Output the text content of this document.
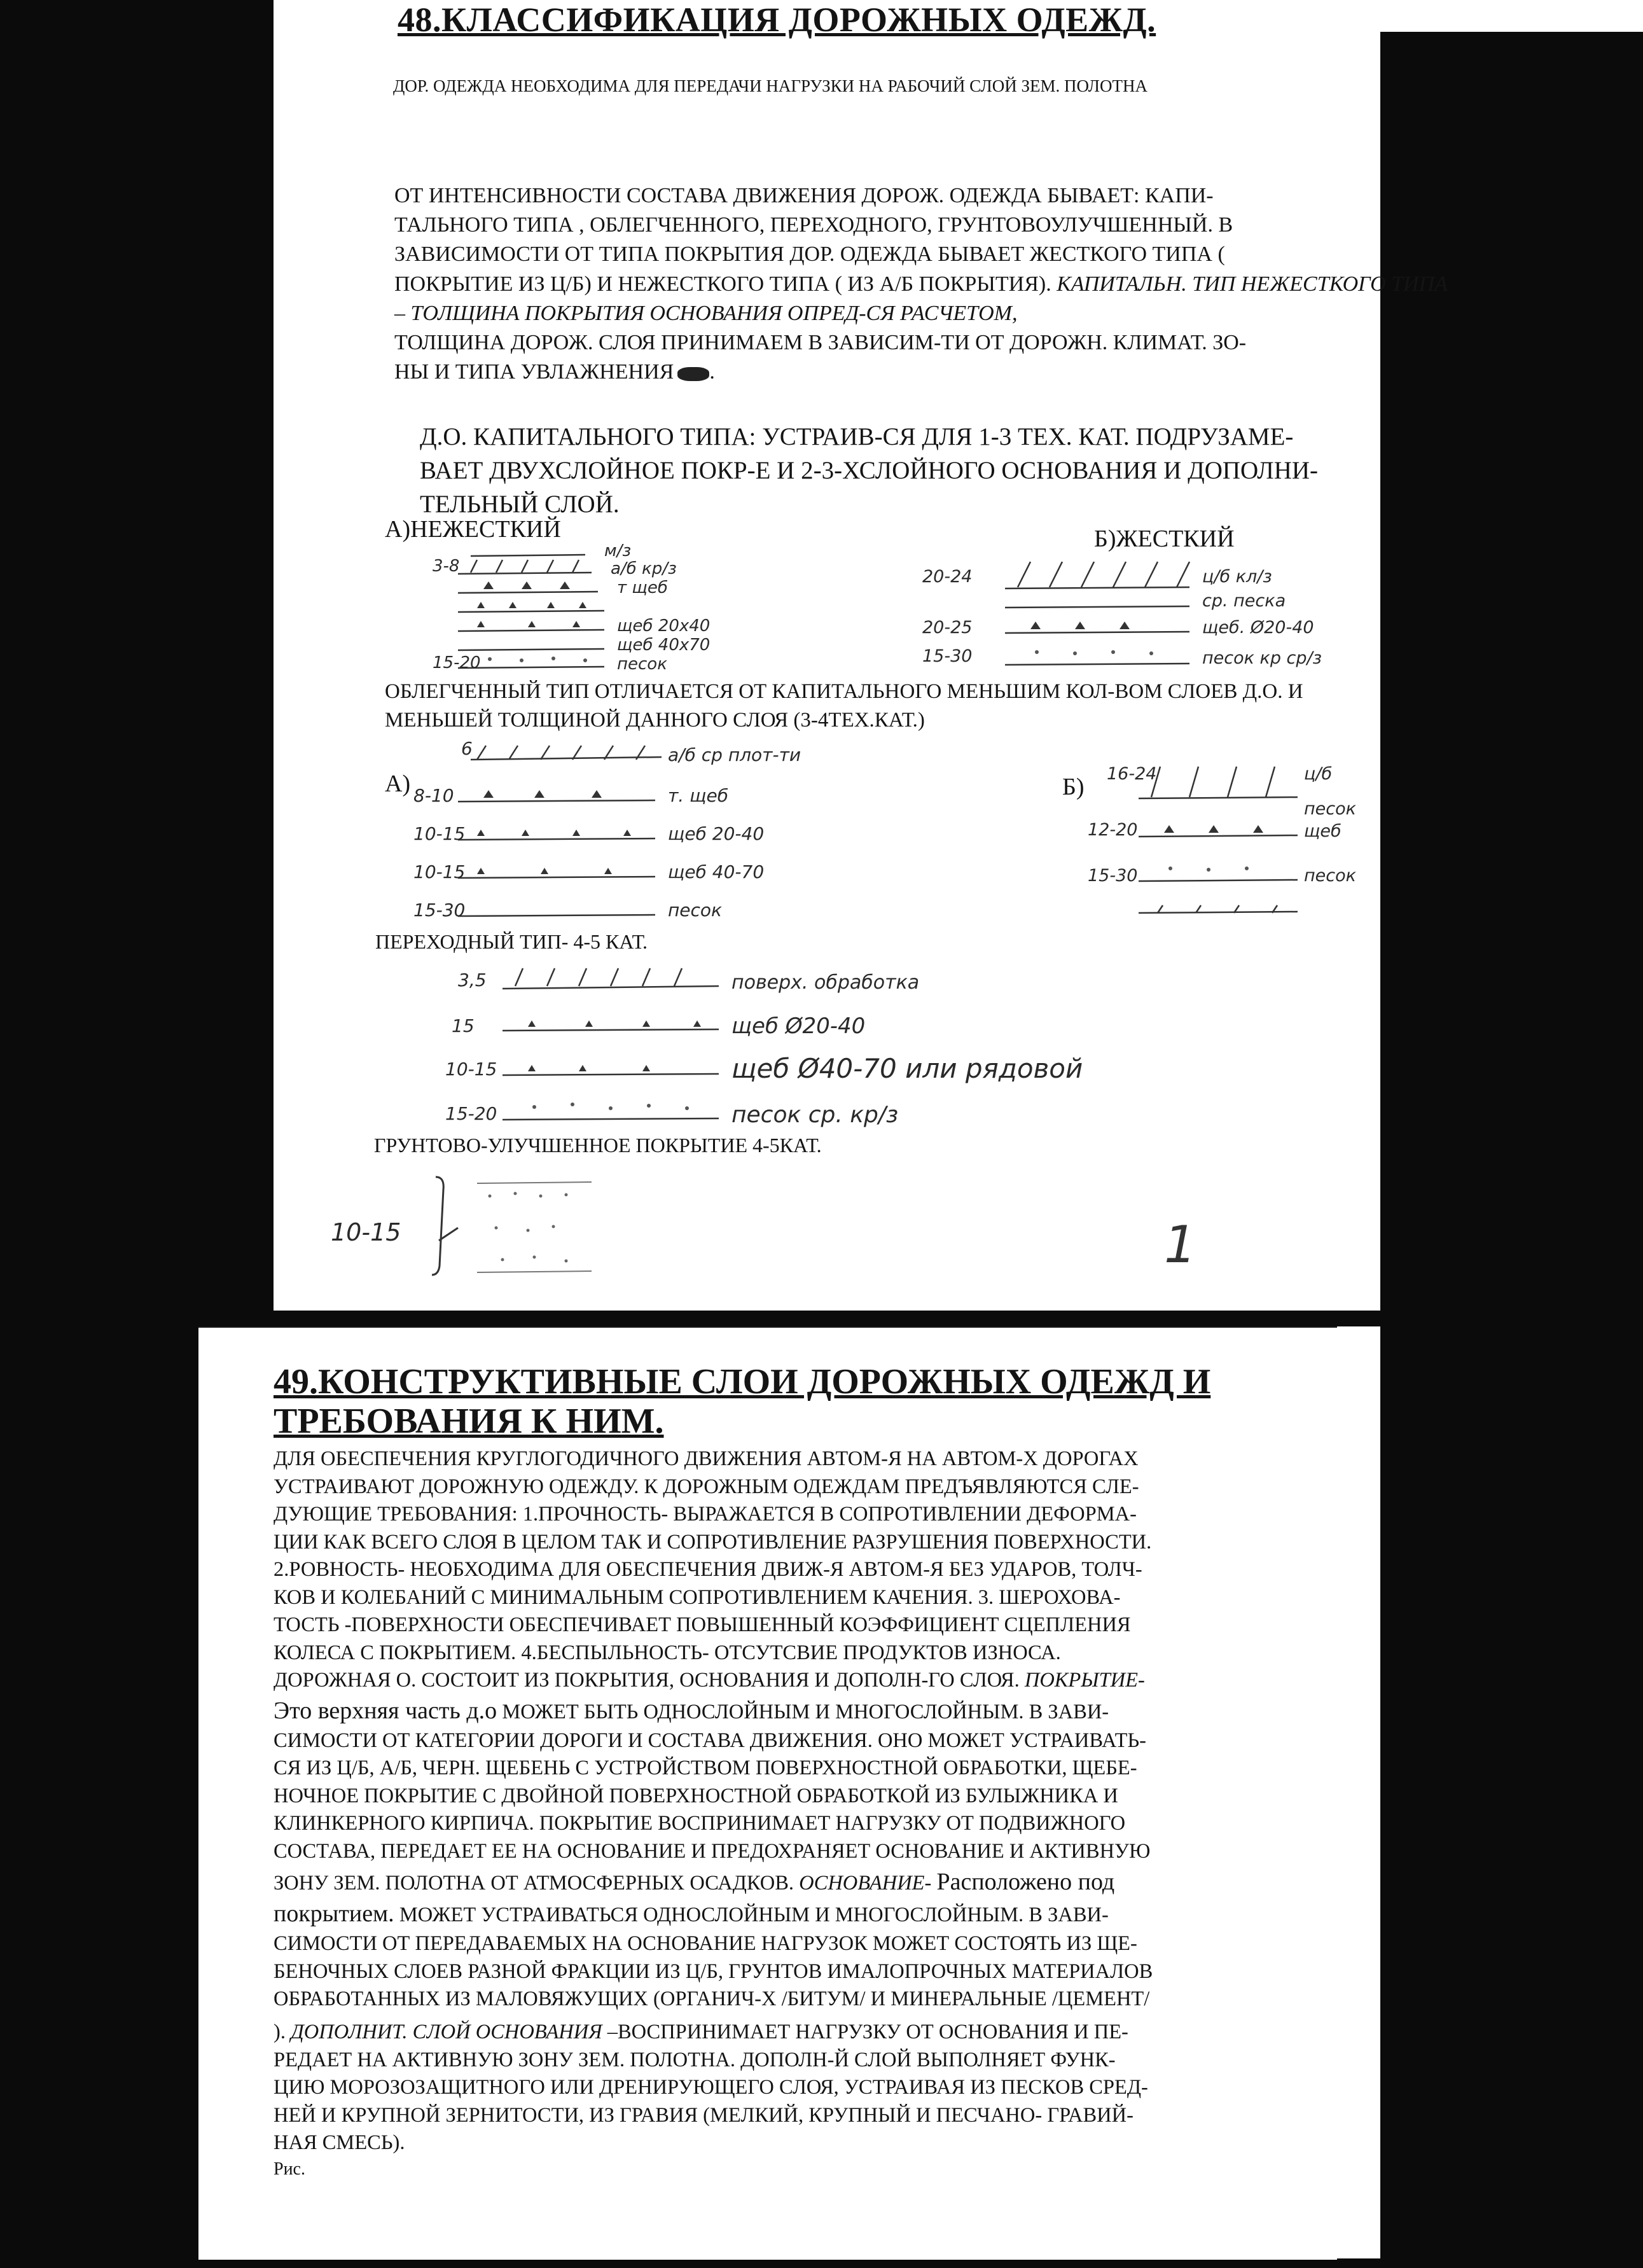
48.КЛАССИФИКАЦИЯ ДОРОЖНЫХ ОДЕЖД.
ДОР. ОДЕЖДА НЕОБХОДИМА ДЛЯ ПЕРЕДАЧИ НАГРУЗКИ НА РАБОЧИЙ СЛОЙ ЗЕМ. ПОЛОТНА
ОТ ИНТЕНСИВНОСТИ СОСТАВА ДВИЖЕНИЯ ДОРОЖ. ОДЕЖДА БЫВАЕТ: КАПИ-
ТАЛЬНОГО ТИПА , ОБЛЕГЧЕННОГО, ПЕРЕХОДНОГО, ГРУНТОВОУЛУЧШЕННЫЙ. В
ЗАВИСИМОСТИ ОТ ТИПА ПОКРЫТИЯ ДОР. ОДЕЖДА БЫВАЕТ ЖЕСТКОГО ТИПА (
ПОКРЫТИЕ ИЗ Ц/Б) И НЕЖЕСТКОГО ТИПА ( ИЗ А/Б ПОКРЫТИЯ). КАПИТАЛЬН. ТИП НЕЖЕСТКОГО ТИПА
– ТОЛЩИНА ПОКРЫТИЯ ОСНОВАНИЯ ОПРЕД-СЯ РАСЧЕТОМ,
ТОЛЩИНА ДОРОЖ. СЛОЯ ПРИНИМАЕМ В ЗАВИСИМ-ТИ ОТ ДОРОЖН. КЛИМАТ. ЗО-
НЫ И ТИПА УВЛАЖНЕНИЯ .
Д.О. КАПИТАЛЬНОГО ТИПА: УСТРАИВ-СЯ ДЛЯ 1-3 ТЕХ. КАТ. ПОДРУЗАМЕ-
ВАЕТ ДВУХСЛОЙНОЕ ПОКР-Е И 2-3-ХСЛОЙНОГО ОСНОВАНИЯ И ДОПОЛНИ-
ТЕЛЬНЫЙ СЛОЙ.
А)НЕЖЕСТКИЙ	Б)ЖЕСТКИЙ
3-8
15-20
м/з
а/б кр/з
т щеб
щеб 20х40
щеб 40х70
песок
20-24
20-25
15-30
ц/б кл/з
ср. песка
щеб. Ø20-40
песок кр ср/з
ОБЛЕГЧЕННЫЙ ТИП ОТЛИЧАЕТСЯ ОТ КАПИТАЛЬНОГО МЕНЬШИМ КОЛ-ВОМ СЛОЕВ Д.О. И
МЕНЬШЕЙ ТОЛЩИНОЙ ДАННОГО СЛОЯ (3-4ТЕХ.КАТ.)
А)
6
8-10
10-15
10-15
15-30
а/б ср плот-ти
т. щеб
щеб 20-40
щеб 40-70
песок
Б) 16-24
12-20
15-30
ц/б
песок
щеб
песок
ПЕРЕХОДНЫЙ ТИП- 4-5 КАТ.
3,5
15
10-15
15-20
поверх. обработка
щеб Ø20-40
щеб Ø40-70 или рядовой
песок ср. кр/з
ГРУНТОВО-УЛУЧШЕННОЕ ПОКРЫТИЕ 4-5КАТ.
10-15	1
49.КОНСТРУКТИВНЫЕ СЛОИ ДОРОЖНЫХ ОДЕЖД И ТРЕБОВАНИЯ К НИМ.
ДЛЯ ОБЕСПЕЧЕНИЯ КРУГЛОГОДИЧНОГО ДВИЖЕНИЯ АВТОМ-Я НА АВТОМ-Х ДОРОГАХ
УСТРАИВАЮТ ДОРОЖНУЮ ОДЕЖДУ. К ДОРОЖНЫМ ОДЕЖДАМ ПРЕДЪЯВЛЯЮТСЯ СЛЕ-
ДУЮЩИЕ ТРЕБОВАНИЯ: 1.ПРОЧНОСТЬ- ВЫРАЖАЕТСЯ В СОПРОТИВЛЕНИИ ДЕФОРМА-
ЦИИ КАК ВСЕГО СЛОЯ В ЦЕЛОМ ТАК И СОПРОТИВЛЕНИЕ РАЗРУШЕНИЯ ПОВЕРХНОСТИ.
2.РОВНОСТЬ- НЕОБХОДИМА ДЛЯ ОБЕСПЕЧЕНИЯ ДВИЖ-Я АВТОМ-Я БЕЗ УДАРОВ, ТОЛЧ-
КОВ И КОЛЕБАНИЙ С МИНИМАЛЬНЫМ СОПРОТИВЛЕНИЕМ КАЧЕНИЯ. 3. ШЕРОХОВА-
ТОСТЬ -ПОВЕРХНОСТИ ОБЕСПЕЧИВАЕТ ПОВЫШЕННЫЙ КОЭФФИЦИЕНТ СЦЕПЛЕНИЯ
КОЛЕСА С ПОКРЫТИЕМ. 4.БЕСПЫЛЬНОСТЬ- ОТСУТСВИЕ ПРОДУКТОВ ИЗНОСА.
ДОРОЖНАЯ О. СОСТОИТ ИЗ ПОКРЫТИЯ, ОСНОВАНИЯ И ДОПОЛН-ГО СЛОЯ. ПОКРЫТИЕ-
Это верхняя часть д.о МОЖЕТ БЫТЬ ОДНОСЛОЙНЫМ И МНОГОСЛОЙНЫМ. В ЗАВИ-
СИМОСТИ ОТ КАТЕГОРИИ ДОРОГИ И СОСТАВА ДВИЖЕНИЯ. ОНО МОЖЕТ УСТРАИВАТЬ-
СЯ ИЗ Ц/Б, А/Б, ЧЕРН. ЩЕБЕНЬ С УСТРОЙСТВОМ ПОВЕРХНОСТНОЙ ОБРАБОТКИ, ЩЕБЕ-
НОЧНОЕ ПОКРЫТИЕ С ДВОЙНОЙ ПОВЕРХНОСТНОЙ ОБРАБОТКОЙ ИЗ БУЛЫЖНИКА И
КЛИНКЕРНОГО КИРПИЧА. ПОКРЫТИЕ ВОСПРИНИМАЕТ НАГРУЗКУ ОТ ПОДВИЖНОГО
СОСТАВА, ПЕРЕДАЕТ ЕЕ НА ОСНОВАНИЕ И ПРЕДОХРАНЯЕТ ОСНОВАНИЕ И АКТИВНУЮ
ЗОНУ ЗЕМ. ПОЛОТНА ОТ АТМОСФЕРНЫХ ОСАДКОВ. ОСНОВАНИЕ- Расположено под
покрытием. МОЖЕТ УСТРАИВАТЬСЯ ОДНОСЛОЙНЫМ И МНОГОСЛОЙНЫМ. В ЗАВИ-
СИМОСТИ ОТ ПЕРЕДАВАЕМЫХ НА ОСНОВАНИЕ НАГРУЗОК МОЖЕТ СОСТОЯТЬ ИЗ ЩЕ-
БЕНОЧНЫХ СЛОЕВ РАЗНОЙ ФРАКЦИИ ИЗ Ц/Б, ГРУНТОВ ИМАЛОПРОЧНЫХ МАТЕРИАЛОВ
ОБРАБОТАННЫХ ИЗ МАЛОВЯЖУЩИХ (ОРГАНИЧ-Х /БИТУМ/ И МИНЕРАЛЬНЫЕ /ЦЕМЕНТ/
). ДОПОЛНИТ. СЛОЙ ОСНОВАНИЯ –ВОСПРИНИМАЕТ НАГРУЗКУ ОТ ОСНОВАНИЯ И ПЕ-
РЕДАЕТ НА АКТИВНУЮ ЗОНУ ЗЕМ. ПОЛОТНА. ДОПОЛН-Й СЛОЙ ВЫПОЛНЯЕТ ФУНК-
ЦИЮ МОРОЗОЗАЩИТНОГО ИЛИ ДРЕНИРУЮЩЕГО СЛОЯ, УСТРАИВАЯ ИЗ ПЕСКОВ СРЕД-
НЕЙ И КРУПНОЙ ЗЕРНИТОСТИ, ИЗ ГРАВИЯ (МЕЛКИЙ, КРУПНЫЙ И ПЕСЧАНО- ГРАВИЙ-
НАЯ СМЕСЬ).
Рис.
